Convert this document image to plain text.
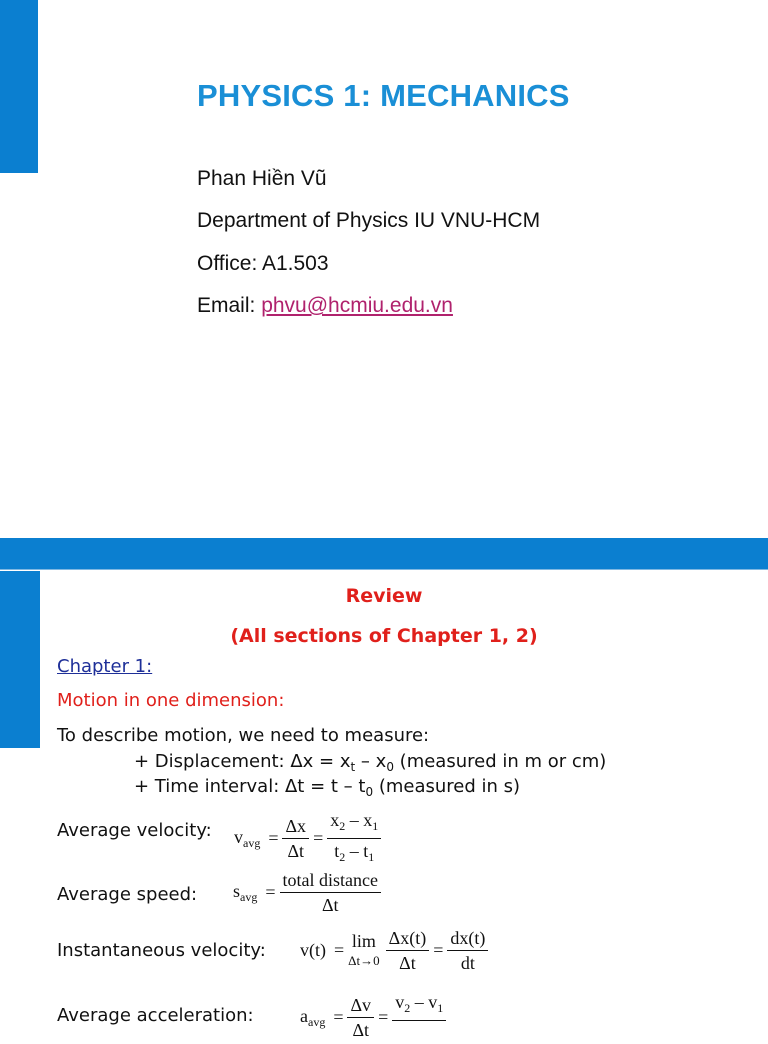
PHYSICS 1: MECHANICS
Phan Hiền Vũ
Department of Physics IU VNU-HCM
Office: A1.503
Email: phvu@hcmiu.edu.vn
Review
(All sections of Chapter 1, 2)
Chapter 1:
Motion in one dimension:
To describe motion, we need to measure:
+ Displacement: $\Delta x = x_t - x_0$ (measured in m or cm)
+ Time interval: $\Delta t = t - t_0$ (measured in s)
Average velocity: $v_{avg} = \frac{\Delta x}{\Delta t} = \frac{x_2 - x_1}{t_2 - t_1}$
Average speed: $s_{avg} = \frac{\text{total distance}}{\Delta t}$
Instantaneous velocity: v(t) = lim
$\Delta t\to 0 \frac{\Delta x(t)}{\Delta t} = \frac{dx(t)}{dt}$
Average acceleration:	$a_{avg} = \frac{\Delta v}{\Delta t}$ =
$v_2 - v_1$
